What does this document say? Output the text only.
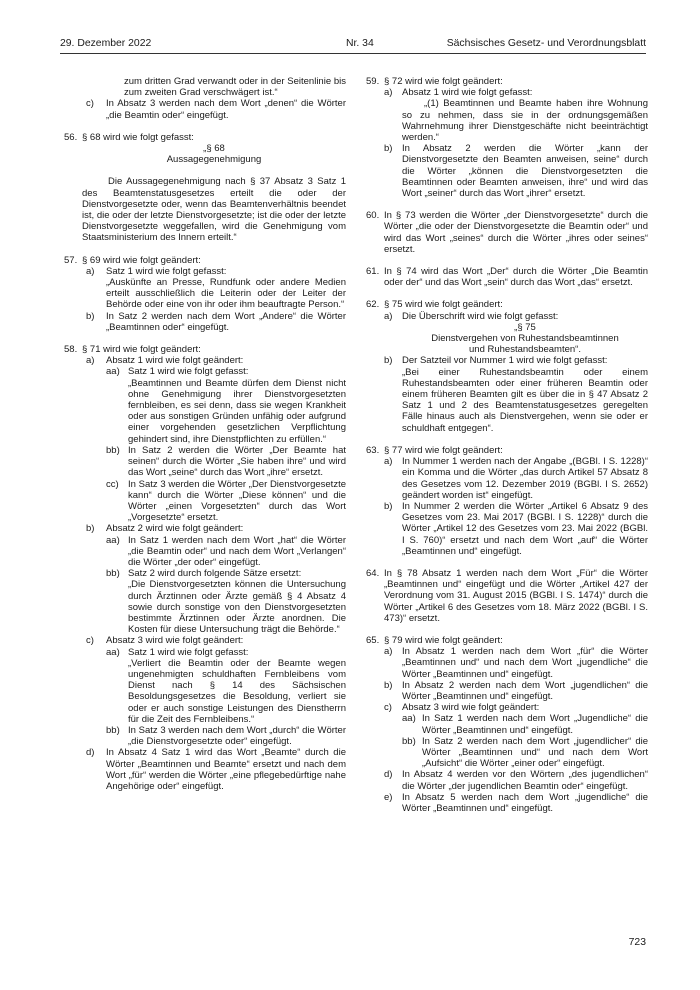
29. Dezember 2022	Nr. 34	Sächsisches Gesetz- und Verordnungsblatt
zum dritten Grad verwandt oder in der Seitenlinie bis zum zweiten Grad verschwägert ist.“
c) In Absatz 3 werden nach dem Wort „denen“ die Wörter „die Beamtin oder“ eingefügt.
56. § 68 wird wie folgt gefasst:
„§ 68
Aussagegenehmigung
Die Aussagegenehmigung nach § 37 Absatz 3 Satz 1 des Beamtenstatusgesetzes erteilt die oder der Dienstvorgesetzte oder, wenn das Beamtenverhältnis beendet ist, die oder der letzte Dienstvorgesetzte; ist die oder der letzte Dienstvorgesetzte weggefallen, wird die Genehmigung vom Staatsministerium des Innern erteilt.“
57. § 69 wird wie folgt geändert:
a) Satz 1 wird wie folgt gefasst:
„Auskünfte an Presse, Rundfunk oder andere Medien erteilt ausschließlich die Leiterin oder der Leiter der Behörde oder eine von ihr oder ihm beauftragte Person.“
b) In Satz 2 werden nach dem Wort „Andere“ die Wörter „Beamtinnen oder“ eingefügt.
58. § 71 wird wie folgt geändert:
a) Absatz 1 wird wie folgt geändert:
aa) Satz 1 wird wie folgt gefasst:
„Beamtinnen und Beamte dürfen dem Dienst nicht ohne Genehmigung ihrer Dienstvorgesetzten fernbleiben, es sei denn, dass sie wegen Krankheit oder aus sonstigen Gründen unfähig oder aufgrund einer vorgehenden gesetzlichen Verpflichtung gehindert sind, ihre Dienstpflichten zu erfüllen.“
bb) In Satz 2 werden die Wörter „Der Beamte hat seinen“ durch die Wörter „Sie haben ihre“ und wird das Wort „seine“ durch das Wort „ihre“ ersetzt.
cc) In Satz 3 werden die Wörter „Der Dienstvorgesetzte kann“ durch die Wörter „Diese können“ und die Wörter „einen Vorgesetzten“ durch das Wort „Vorgesetzte“ ersetzt.
b) Absatz 2 wird wie folgt geändert:
aa) In Satz 1 werden nach dem Wort „hat“ die Wörter „die Beamtin oder“ und nach dem Wort „Verlangen“ die Wörter „der oder“ eingefügt.
bb) Satz 2 wird durch folgende Sätze ersetzt:
„Die Dienstvorgesetzten können die Untersuchung durch Ärztinnen oder Ärzte gemäß § 4 Absatz 4 sowie durch sonstige von den Dienstvorgesetzten bestimmte Ärztinnen oder Ärzte anordnen. Die Kosten für diese Untersuchung trägt die Behörde.“
c) Absatz 3 wird wie folgt geändert:
aa) Satz 1 wird wie folgt gefasst:
„Verliert die Beamtin oder der Beamte wegen ungenehmigten schuldhaften Fernbleibens vom Dienst nach § 14 des Sächsischen Besoldungsgesetzes die Besoldung, verliert sie oder er auch sonstige Leistungen des Dienstherrn für die Zeit des Fernbleibens.“
bb) In Satz 3 werden nach dem Wort „durch“ die Wörter „die Dienstvorgesetzte oder“ eingefügt.
d) In Absatz 4 Satz 1 wird das Wort „Beamte“ durch die Wörter „Beamtinnen und Beamte“ ersetzt und nach dem Wort „für“ werden die Wörter „eine pflegebedürftige nahe Angehörige oder“ eingefügt.
59. § 72 wird wie folgt geändert:
a) Absatz 1 wird wie folgt gefasst:
„(1) Beamtinnen und Beamte haben ihre Wohnung so zu nehmen, dass sie in der ordnungsgemäßen Wahrnehmung ihrer Dienstgeschäfte nicht beeinträchtigt werden.“
b) In Absatz 2 werden die Wörter „kann der Dienstvorgesetzte den Beamten anweisen, seine“ durch die Wörter „können die Dienstvorgesetzten die Beamtinnen oder Beamten anweisen, ihre“ und wird das Wort „seiner“ durch das Wort „ihrer“ ersetzt.
60. In § 73 werden die Wörter „der Dienstvorgesetzte“ durch die Wörter „die oder der Dienstvorgesetzte die Beamtin oder“ und wird das Wort „seines“ durch die Wörter „ihres oder seines“ ersetzt.
61. In § 74 wird das Wort „Der“ durch die Wörter „Die Beamtin oder der“ und das Wort „sein“ durch das Wort „das“ ersetzt.
62. § 75 wird wie folgt geändert:
a) Die Überschrift wird wie folgt gefasst:
„§ 75
Dienstvergehen von Ruhestandsbeamtinnen
und Ruhestandsbeamten“.
b) Der Satzteil vor Nummer 1 wird wie folgt gefasst:
„Bei einer Ruhestandsbeamtin oder einem Ruhestandsbeamten oder einer früheren Beamtin oder einem früheren Beamten gilt es über die in § 47 Absatz 2 Satz 1 und 2 des Beamtenstatusgesetzes geregelten Fälle hinaus auch als Dienstvergehen, wenn sie oder er schuldhaft entgegen“.
63. § 77 wird wie folgt geändert:
a) In Nummer 1 werden nach der Angabe „(BGBl. I S. 1228)“ ein Komma und die Wörter „das durch Artikel 57 Absatz 8 des Gesetzes vom 12. Dezember 2019 (BGBl. I S. 2652) geändert worden ist“ eingefügt.
b) In Nummer 2 werden die Wörter „Artikel 6 Absatz 9 des Gesetzes vom 23. Mai 2017 (BGBl. I S. 1228)“ durch die Wörter „Artikel 12 des Gesetzes vom 23. Mai 2022 (BGBl. I S. 760)“ ersetzt und nach dem Wort „auf“ die Wörter „Beamtinnen und“ eingefügt.
64. In § 78 Absatz 1 werden nach dem Wort „Für“ die Wörter „Beamtinnen und“ eingefügt und die Wörter „Artikel 427 der Verordnung vom 31. August 2015 (BGBl. I S. 1474)“ durch die Wörter „Artikel 6 des Gesetzes vom 18. März 2022 (BGBl. I S. 473)“ ersetzt.
65. § 79 wird wie folgt geändert:
a) In Absatz 1 werden nach dem Wort „für“ die Wörter „Beamtinnen und“ und nach dem Wort „jugendliche“ die Wörter „Beamtinnen und“ eingefügt.
b) In Absatz 2 werden nach dem Wort „jugendlichen“ die Wörter „Beamtinnen und“ eingefügt.
c) Absatz 3 wird wie folgt geändert:
aa) In Satz 1 werden nach dem Wort „Jugendliche“ die Wörter „Beamtinnen und“ eingefügt.
bb) In Satz 2 werden nach dem Wort „jugendlicher“ die Wörter „Beamtinnen und“ und nach dem Wort „Aufsicht“ die Wörter „einer oder“ eingefügt.
d) In Absatz 4 werden vor den Wörtern „des jugendlichen“ die Wörter „der jugendlichen Beamtin oder“ eingefügt.
e) In Absatz 5 werden nach dem Wort „jugendliche“ die Wörter „Beamtinnen und“ eingefügt.
723
